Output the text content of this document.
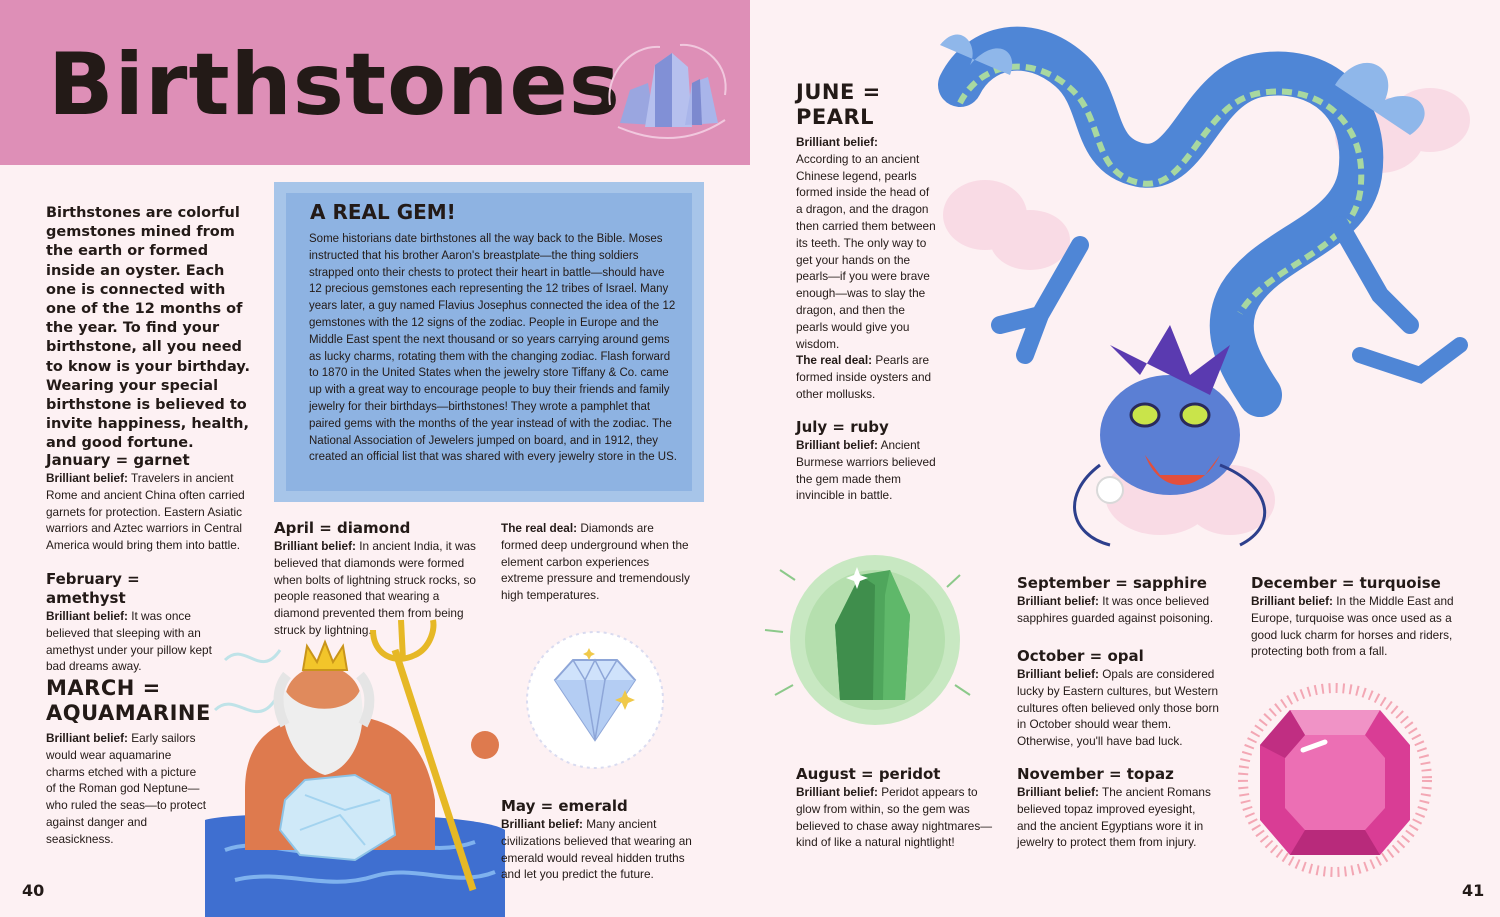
Birthstones
Birthstones are colorful gemstones mined from the earth or formed inside an oyster. Each one is connected with one of the 12 months of the year. To find your birthstone, all you need to know is your birthday. Wearing your special birthstone is believed to invite happiness, health, and good fortune.
A REAL GEM!

Some historians date birthstones all the way back to the Bible. Moses instructed that his brother Aaron's breastplate—the thing soldiers strapped onto their chests to protect their heart in battle—should have 12 precious gemstones each representing the 12 tribes of Israel. Many years later, a guy named Flavius Josephus connected the idea of the 12 gemstones with the 12 signs of the zodiac. People in Europe and the Middle East spent the next thousand or so years carrying around gems as lucky charms, rotating them with the changing zodiac. Flash forward to 1870 in the United States when the jewelry store Tiffany & Co. came up with a great way to encourage people to buy their friends and family jewelry for their birthdays—birthstones! They wrote a pamphlet that paired gems with the months of the year instead of with the zodiac. The National Association of Jewelers jumped on board, and in 1912, they created an official list that was shared with every jewelry store in the US.

January = garnet

Brilliant belief: Travelers in ancient Rome and ancient China often carried garnets for protection. Eastern Asiatic warriors and Aztec warriors in Central America would bring them into battle.

February = amethyst

Brilliant belief: It was once believed that sleeping with an amethyst under your pillow kept bad dreams away.

MARCH =
AQUAMARINE

Brilliant belief: Early sailors would wear aquamarine charms etched with a picture of the Roman god Neptune—who ruled the seas—to protect against danger and seasickness.

April = diamond

Brilliant belief: In ancient India, it was believed that diamonds were formed when bolts of lightning struck rocks, so people reasoned that wearing a diamond prevented them from being struck by lightning.

The real deal: Diamonds are formed deep underground when the element carbon experiences extreme pressure and tremendously high temperatures.

May = emerald

Brilliant belief: Many ancient civilizations believed that wearing an emerald would reveal hidden truths and let you predict the future.

40
JUNE =
PEARL

Brilliant belief:
According to an ancient Chinese legend, pearls formed inside the head of a dragon, and the dragon then carried them between its teeth. The only way to get your hands on the pearls—if you were brave enough—was to slay the dragon, and then the pearls would give you wisdom.

The real deal: Pearls are formed inside oysters and other mollusks.

July = ruby

Brilliant belief: Ancient Burmese warriors believed the gem made them invincible in battle.

August = peridot

Brilliant belief: Peridot appears to glow from within, so the gem was believed to chase away nightmares—kind of like a natural nightlight!

September = sapphire

Brilliant belief: It was once believed sapphires guarded against poisoning.

October = opal

Brilliant belief: Opals are considered lucky by Eastern cultures, but Western cultures often believed only those born in October should wear them. Otherwise, you'll have bad luck.

November = topaz

Brilliant belief: The ancient Romans believed topaz improved eyesight, and the ancient Egyptians wore it in jewelry to protect them from injury.

December = turquoise

Brilliant belief: In the Middle East and Europe, turquoise was once used as a good luck charm for horses and riders, protecting both from a fall.

41
